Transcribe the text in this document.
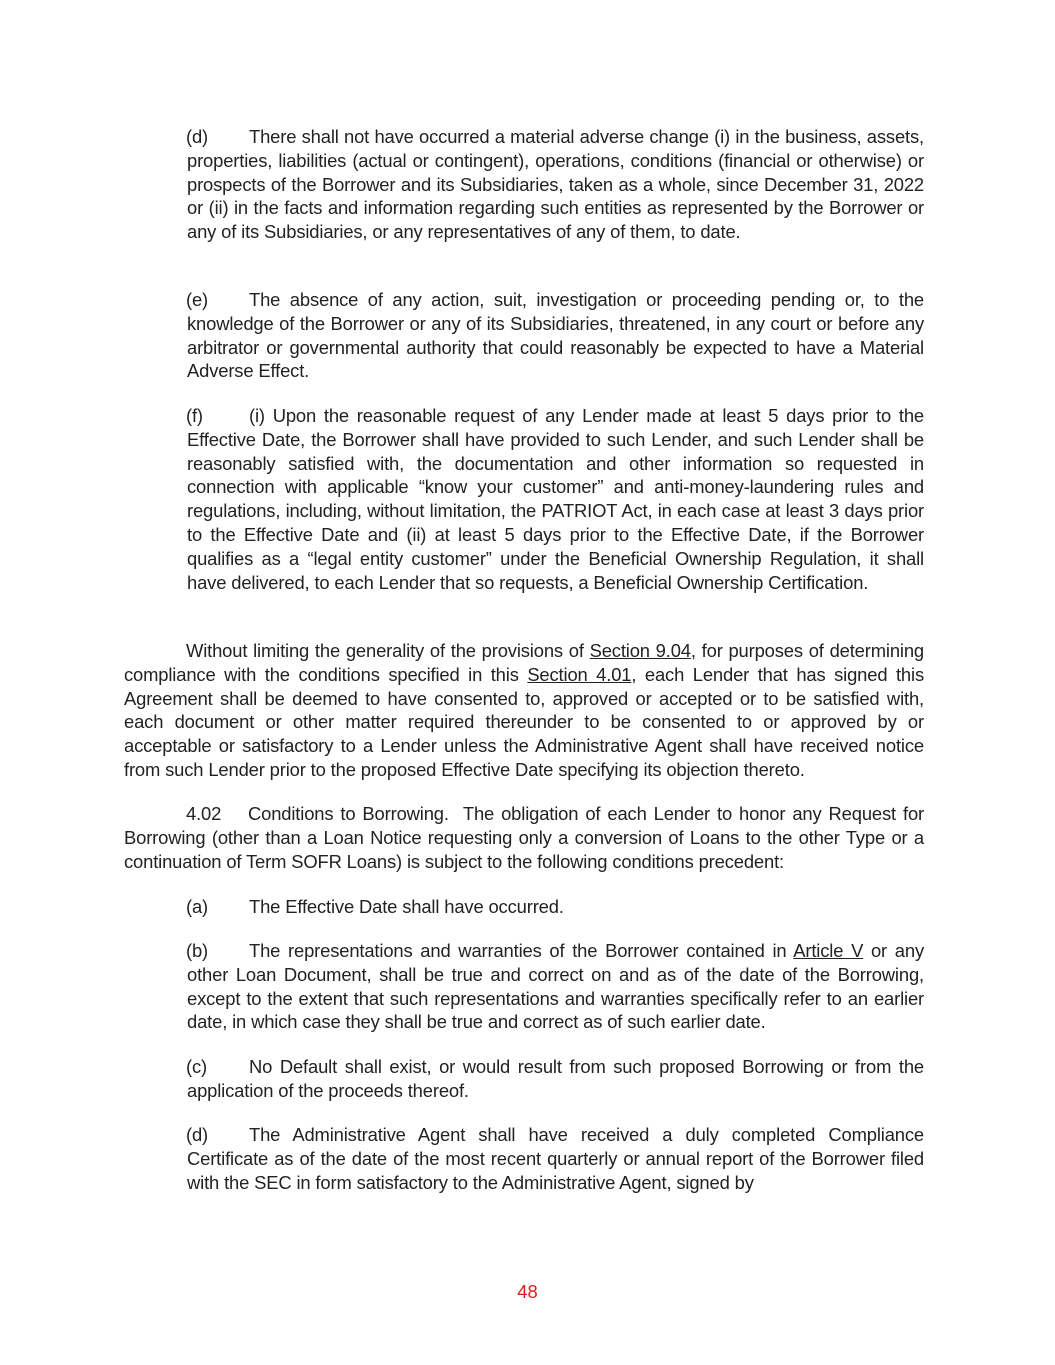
(d) There shall not have occurred a material adverse change (i) in the business, assets, properties, liabilities (actual or contingent), operations, conditions (financial or otherwise) or prospects of the Borrower and its Subsidiaries, taken as a whole, since December 31, 2022 or (ii) in the facts and information regarding such entities as represented by the Borrower or any of its Subsidiaries, or any representatives of any of them, to date.

(e) The absence of any action, suit, investigation or proceeding pending or, to the knowledge of the Borrower or any of its Subsidiaries, threatened, in any court or before any arbitrator or governmental authority that could reasonably be expected to have a Material Adverse Effect.

(f)	(i) Upon the reasonable request of any Lender made at least 5 days prior to the Effective Date, the Borrower shall have provided to such Lender, and such Lender shall be reasonably satisfied with, the documentation and other information so requested in connection with applicable “know your customer” and anti-money-laundering rules and regulations, including, without limitation, the PATRIOT Act, in each case at least 3 days prior to the Effective Date and (ii) at least 5 days prior to the Effective Date, if the Borrower qualifies as a “legal entity customer” under the Beneficial Ownership Regulation, it shall have delivered, to each Lender that so requests, a Beneficial Ownership Certification.

Without limiting the generality of the provisions of Section 9.04, for purposes of determining compliance with the conditions specified in this Section 4.01, each Lender that has signed this Agreement shall be deemed to have consented to, approved or accepted or to be satisfied with, each document or other matter required thereunder to be consented to or approved by or acceptable or satisfactory to a Lender unless the Administrative Agent shall have received notice from such Lender prior to the proposed Effective Date specifying its objection thereto.

4.02 Conditions to Borrowing. The obligation of each Lender to honor any Request for Borrowing (other than a Loan Notice requesting only a conversion of Loans to the other Type or a continuation of Term SOFR Loans) is subject to the following conditions precedent:

(a) The Effective Date shall have occurred.

(b) The representations and warranties of the Borrower contained in Article V or any other Loan Document, shall be true and correct on and as of the date of the Borrowing, except to the extent that such representations and warranties specifically refer to an earlier date, in which case they shall be true and correct as of such earlier date.

(c) No Default shall exist, or would result from such proposed Borrowing or from the application of the proceeds thereof.

(d) The Administrative Agent shall have received a duly completed Compliance Certificate as of the date of the most recent quarterly or annual report of the Borrower filed with the SEC in form satisfactory to the Administrative Agent, signed by

48
